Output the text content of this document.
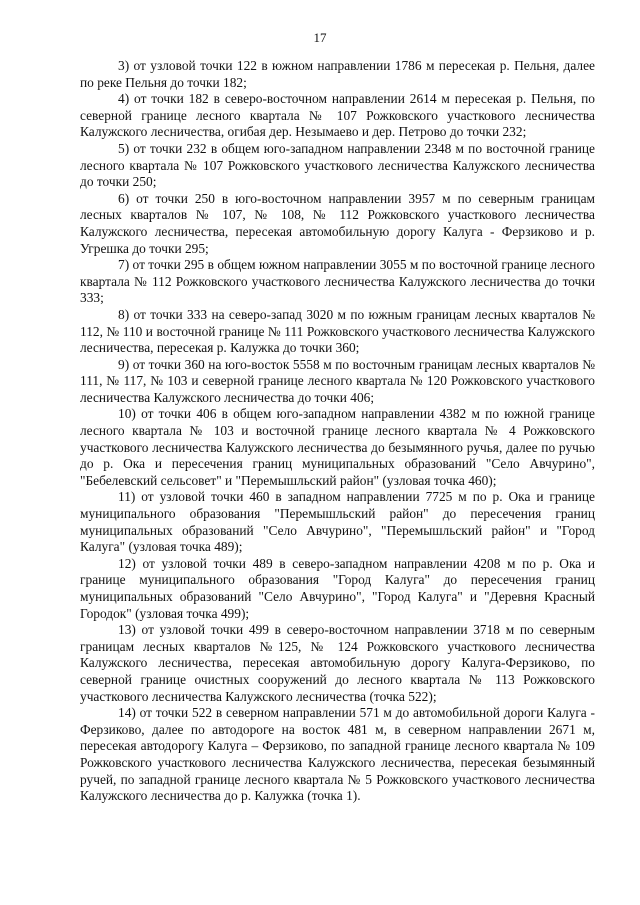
17

3) от узловой точки 122 в южном направлении 1786 м пересекая р. Пельня, далее по реке Пельня до точки 182;

4) от точки 182 в северо-восточном направлении 2614 м пересекая р. Пельня, по северной границе лесного квартала № 107 Рожковского участкового лесничества Калужского лесничества, огибая дер. Незымаево и дер. Петрово до точки 232;

5) от точки 232 в общем юго-западном направлении 2348 м по восточной границе лесного квартала № 107 Рожковского участкового лесничества Калужского лесничества до точки 250;

6) от точки 250 в юго-восточном направлении 3957 м по северным границам лесных кварталов № 107, № 108, № 112 Рожковского участкового лесничества Калужского лесничества, пересекая автомобильную дорогу Калуга - Ферзиково и р. Угрешка до точки 295;

7) от точки 295 в общем южном направлении 3055 м по восточной границе лесного квартала № 112 Рожковского участкового лесничества Калужского лесничества до точки 333;

8) от точки 333 на северо-запад 3020 м по южным границам лесных кварталов № 112, № 110 и восточной границе № 111 Рожковского участкового лесничества Калужского лесничества, пересекая р. Калужка до точки 360;

9) от точки 360 на юго-восток 5558 м по восточным границам лесных кварталов № 111, № 117, № 103 и северной границе лесного квартала № 120 Рожковского участкового лесничества Калужского лесничества до точки 406;

10) от точки 406 в общем юго-западном направлении 4382 м по южной границе лесного квартала № 103 и восточной границе лесного квартала № 4 Рожковского участкового лесничества Калужского лесничества до безымянного ручья, далее по ручью до р. Ока и пересечения границ муниципальных образований "Село Авчурино", "Бебелевский сельсовет" и "Перемышльский район" (узловая точка 460);

11) от узловой точки 460 в западном направлении 7725 м по р. Ока и границе муниципального образования "Перемышльский район" до пересечения границ муниципальных образований "Село Авчурино", "Перемышльский район" и "Город Калуга" (узловая точка 489);

12) от узловой точки 489 в северо-западном направлении 4208 м по р. Ока и границе муниципального образования "Город Калуга" до пересечения границ муниципальных образований "Село Авчурино", "Город Калуга" и "Деревня Красный Городок" (узловая точка 499);

13) от узловой точки 499 в северо-восточном направлении 3718 м по северным границам лесных кварталов №125, № 124 Рожковского участкового лесничества Калужского лесничества, пересекая автомобильную дорогу Калуга-Ферзиково, по северной границе очистных сооружений до лесного квартала № 113 Рожковского участкового лесничества Калужского лесничества (точка 522);

14) от точки 522 в северном направлении 571 м до автомобильной дороги Калуга - Ферзиково, далее по автодороге на восток 481 м, в северном направлении 2671 м, пересекая автодорогу Калуга – Ферзиково, по западной границе лесного квартала № 109 Рожковского участкового лесничества Калужского лесничества, пересекая безымянный ручей, по западной границе лесного квартала № 5 Рожковского участкового лесничества Калужского лесничества до р. Калужка (точка 1).
